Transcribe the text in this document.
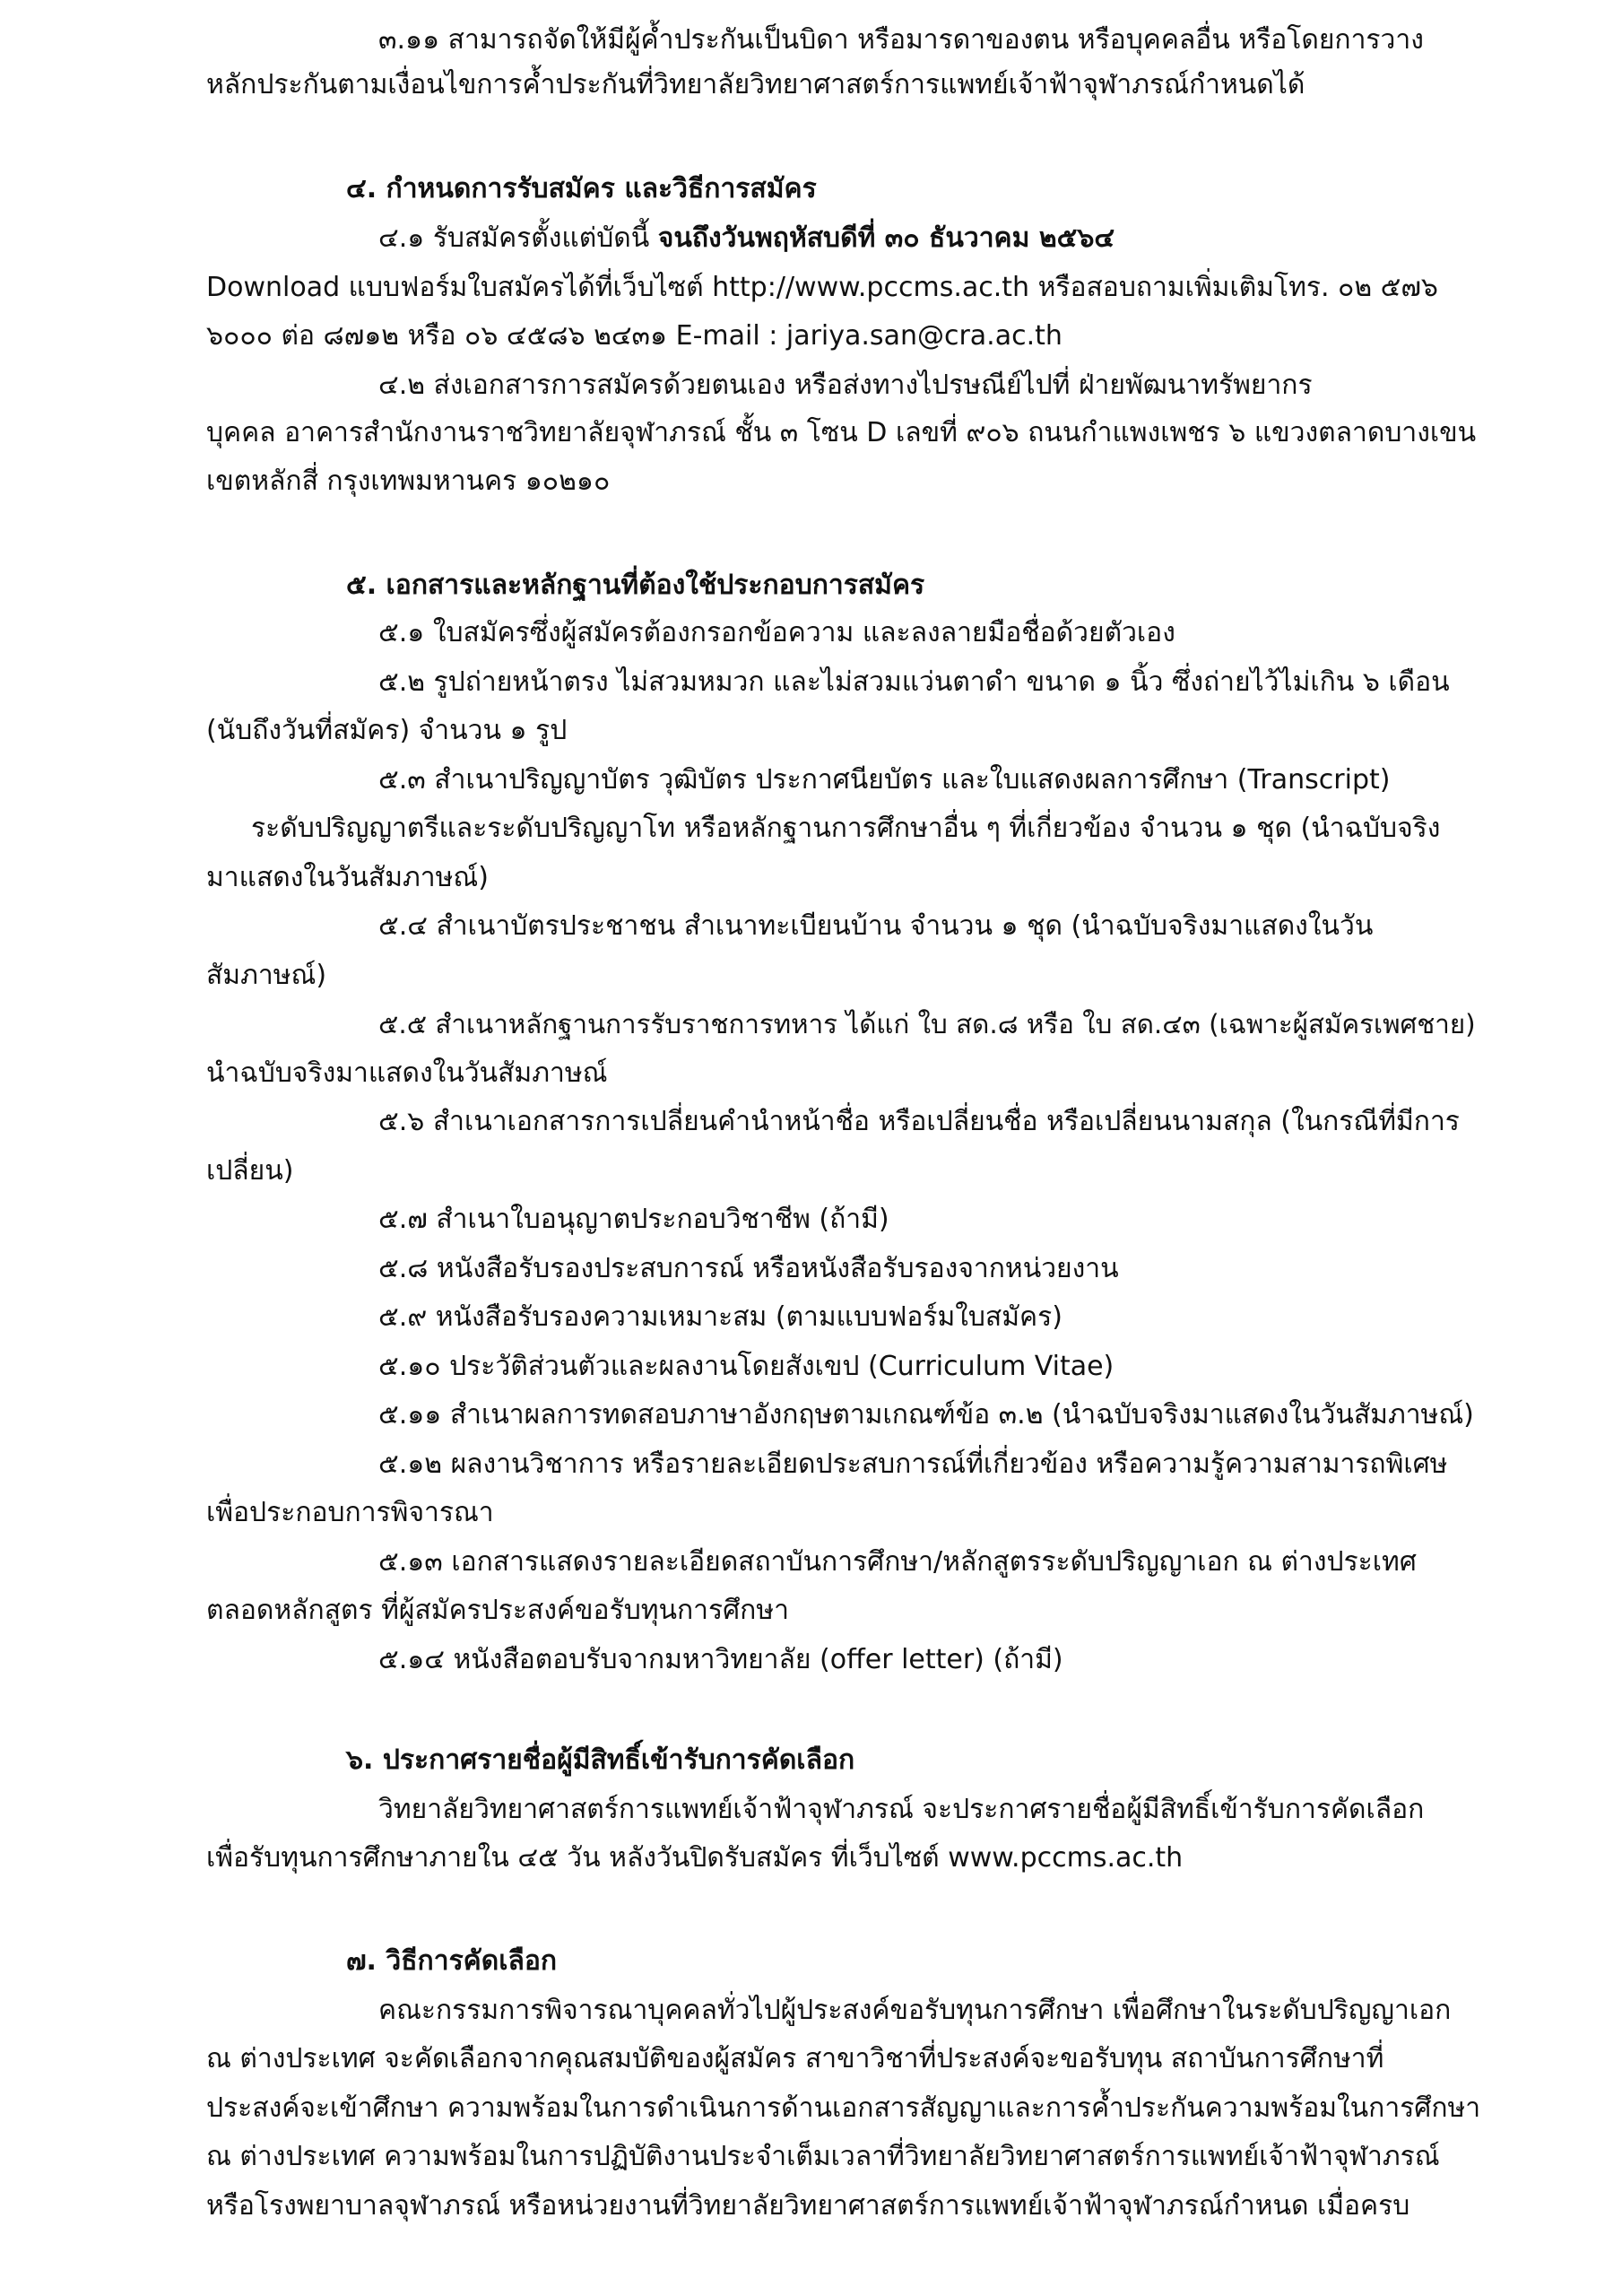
๓.๑๑ สามารถจัดให้มีผู้ค้ำประกันเป็นบิดา หรือมารดาของตน หรือบุคคลอื่น หรือโดยการวาง
หลักประกันตามเงื่อนไขการค้ำประกันที่วิทยาลัยวิทยาศาสตร์การแพทย์เจ้าฟ้าจุฬาภรณ์กำหนดได้
๔. กำหนดการรับสมัคร และวิธีการสมัคร
๔.๑ รับสมัครตั้งแต่บัดนี้ จนถึงวันพฤหัสบดีที่ ๓๐ ธันวาคม ๒๕๖๔
Download แบบฟอร์มใบสมัครได้ที่เว็บไซต์ http://www.pccms.ac.th หรือสอบถามเพิ่มเติมโทร. ๐๒ ๕๗๖
๖๐๐๐ ต่อ ๘๗๑๒ หรือ ๐๖ ๔๕๘๖ ๒๔๓๑ E-mail : jariya.san@cra.ac.th
๔.๒ ส่งเอกสารการสมัครด้วยตนเอง หรือส่งทางไปรษณีย์ไปที่ ฝ่ายพัฒนาทรัพยากร
บุคคล อาคารสำนักงานราชวิทยาลัยจุฬาภรณ์ ชั้น ๓ โซน D เลขที่ ๙๐๖ ถนนกำแพงเพชร ๖ แขวงตลาดบางเขน
เขตหลักสี่ กรุงเทพมหานคร ๑๐๒๑๐
๕. เอกสารและหลักฐานที่ต้องใช้ประกอบการสมัคร
๕.๑ ใบสมัครซึ่งผู้สมัครต้องกรอกข้อความ และลงลายมือชื่อด้วยตัวเอง
๕.๒ รูปถ่ายหน้าตรง ไม่สวมหมวก และไม่สวมแว่นตาดำ ขนาด ๑ นิ้ว ซึ่งถ่ายไว้ไม่เกิน ๖ เดือน
(นับถึงวันที่สมัคร) จำนวน ๑ รูป
๕.๓ สำเนาปริญญาบัตร วุฒิบัตร ประกาศนียบัตร และใบแสดงผลการศึกษา (Transcript)
ระดับปริญญาตรีและระดับปริญญาโท หรือหลักฐานการศึกษาอื่น ๆ ที่เกี่ยวข้อง จำนวน ๑ ชุด (นำฉบับจริง
มาแสดงในวันสัมภาษณ์)
๕.๔ สำเนาบัตรประชาชน สำเนาทะเบียนบ้าน จำนวน ๑ ชุด (นำฉบับจริงมาแสดงในวัน
สัมภาษณ์)
๕.๕ สำเนาหลักฐานการรับราชการทหาร ได้แก่ ใบ สด.๘ หรือ ใบ สด.๔๓ (เฉพาะผู้สมัครเพศชาย)
นำฉบับจริงมาแสดงในวันสัมภาษณ์
๕.๖ สำเนาเอกสารการเปลี่ยนคำนำหน้าชื่อ หรือเปลี่ยนชื่อ หรือเปลี่ยนนามสกุล (ในกรณีที่มีการ
เปลี่ยน)
๕.๗ สำเนาใบอนุญาตประกอบวิชาชีพ (ถ้ามี)
๕.๘ หนังสือรับรองประสบการณ์ หรือหนังสือรับรองจากหน่วยงาน
๕.๙ หนังสือรับรองความเหมาะสม (ตามแบบฟอร์มใบสมัคร)
๕.๑๐ ประวัติส่วนตัวและผลงานโดยสังเขป (Curriculum Vitae)
๕.๑๑ สำเนาผลการทดสอบภาษาอังกฤษตามเกณฑ์ข้อ ๓.๒ (นำฉบับจริงมาแสดงในวันสัมภาษณ์)
๕.๑๒ ผลงานวิชาการ หรือรายละเอียดประสบการณ์ที่เกี่ยวข้อง หรือความรู้ความสามารถพิเศษ
เพื่อประกอบการพิจารณา
๕.๑๓ เอกสารแสดงรายละเอียดสถาบันการศึกษา/หลักสูตรระดับปริญญาเอก ณ ต่างประเทศ
ตลอดหลักสูตร ที่ผู้สมัครประสงค์ขอรับทุนการศึกษา
๕.๑๔ หนังสือตอบรับจากมหาวิทยาลัย (offer letter) (ถ้ามี)
๖. ประกาศรายชื่อผู้มีสิทธิ์เข้ารับการคัดเลือก
วิทยาลัยวิทยาศาสตร์การแพทย์เจ้าฟ้าจุฬาภรณ์ จะประกาศรายชื่อผู้มีสิทธิ์เข้ารับการคัดเลือก
เพื่อรับทุนการศึกษาภายใน ๔๕ วัน หลังวันปิดรับสมัคร ที่เว็บไซต์ www.pccms.ac.th
๗. วิธีการคัดเลือก
คณะกรรมการพิจารณาบุคคลทั่วไปผู้ประสงค์ขอรับทุนการศึกษา เพื่อศึกษาในระดับปริญญาเอก
ณ ต่างประเทศ จะคัดเลือกจากคุณสมบัติของผู้สมัคร สาขาวิชาที่ประสงค์จะขอรับทุน สถาบันการศึกษาที่
ประสงค์จะเข้าศึกษา ความพร้อมในการดำเนินการด้านเอกสารสัญญาและการค้ำประกันความพร้อมในการศึกษา
ณ ต่างประเทศ ความพร้อมในการปฏิบัติงานประจำเต็มเวลาที่วิทยาลัยวิทยาศาสตร์การแพทย์เจ้าฟ้าจุฬาภรณ์
หรือโรงพยาบาลจุฬาภรณ์ หรือหน่วยงานที่วิทยาลัยวิทยาศาสตร์การแพทย์เจ้าฟ้าจุฬาภรณ์กำหนด เมื่อครบ
